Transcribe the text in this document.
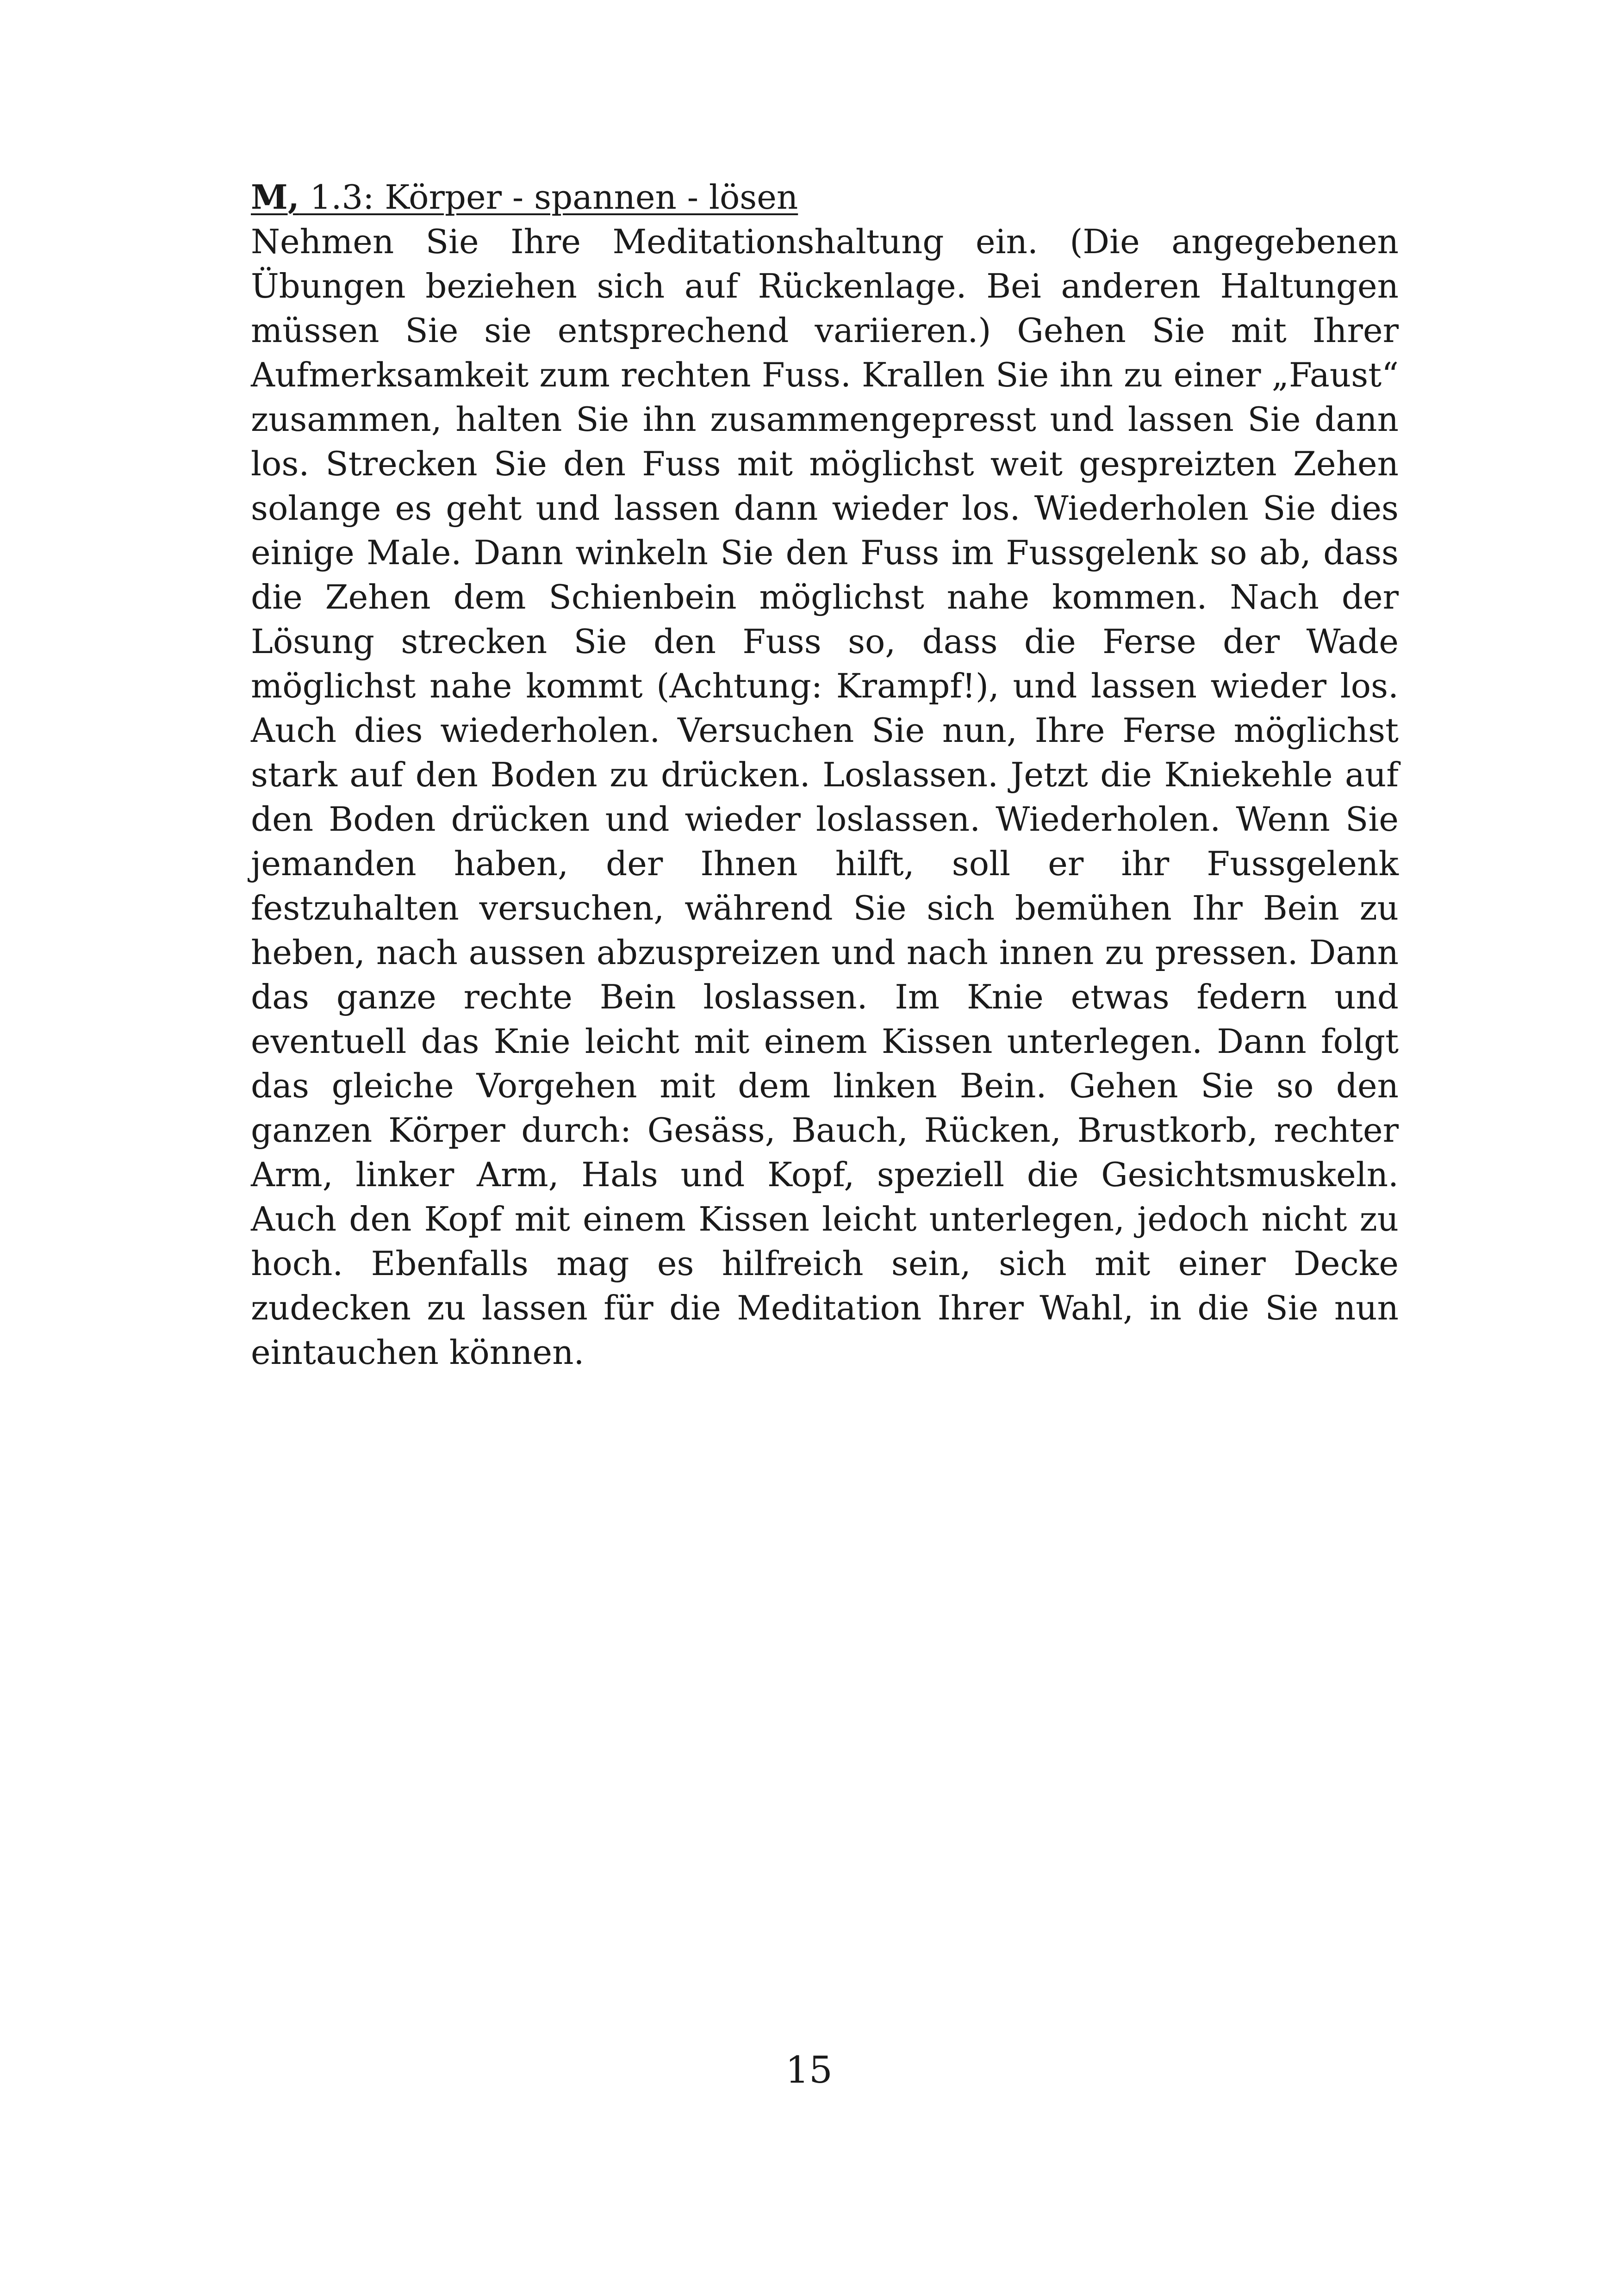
M, 1.3: Körper - spannen - lösen

Nehmen Sie Ihre Meditationshaltung ein. (Die angegebenen Übungen beziehen sich auf Rückenlage. Bei anderen Haltungen müssen Sie sie entsprechend variieren.) Gehen Sie mit Ihrer Aufmerksamkeit zum rechten Fuss. Krallen Sie ihn zu einer „Faust“ zusammen, halten Sie ihn zusammengepresst und lassen Sie dann los. Strecken Sie den Fuss mit möglichst weit gespreizten Zehen solange es geht und lassen dann wieder los. Wiederholen Sie dies einige Male. Dann winkeln Sie den Fuss im Fussgelenk so ab, dass die Zehen dem Schienbein möglichst nahe kommen. Nach der Lösung strecken Sie den Fuss so, dass die Ferse der Wade möglichst nahe kommt (Achtung: Krampf!), und lassen wieder los. Auch dies wiederholen. Versuchen Sie nun, Ihre Ferse möglichst stark auf den Boden zu drücken. Loslassen. Jetzt die Kniekehle auf den Boden drücken und wieder loslassen. Wiederholen. Wenn Sie jemanden haben, der Ihnen hilft, soll er ihr Fussgelenk festzuhalten versuchen, während Sie sich bemühen Ihr Bein zu heben, nach aussen abzuspreizen und nach innen zu pressen. Dann das ganze rechte Bein loslassen. Im Knie etwas federn und eventuell das Knie leicht mit einem Kissen unterlegen. Dann folgt das gleiche Vorgehen mit dem linken Bein. Gehen Sie so den ganzen Körper durch: Gesäss, Bauch, Rücken, Brustkorb, rechter Arm, linker Arm, Hals und Kopf, speziell die Gesichtsmuskeln. Auch den Kopf mit einem Kissen leicht unterlegen, jedoch nicht zu hoch. Ebenfalls mag es hilfreich sein, sich mit einer Decke zudecken zu lassen für die Meditation Ihrer Wahl, in die Sie nun eintauchen können.

15
